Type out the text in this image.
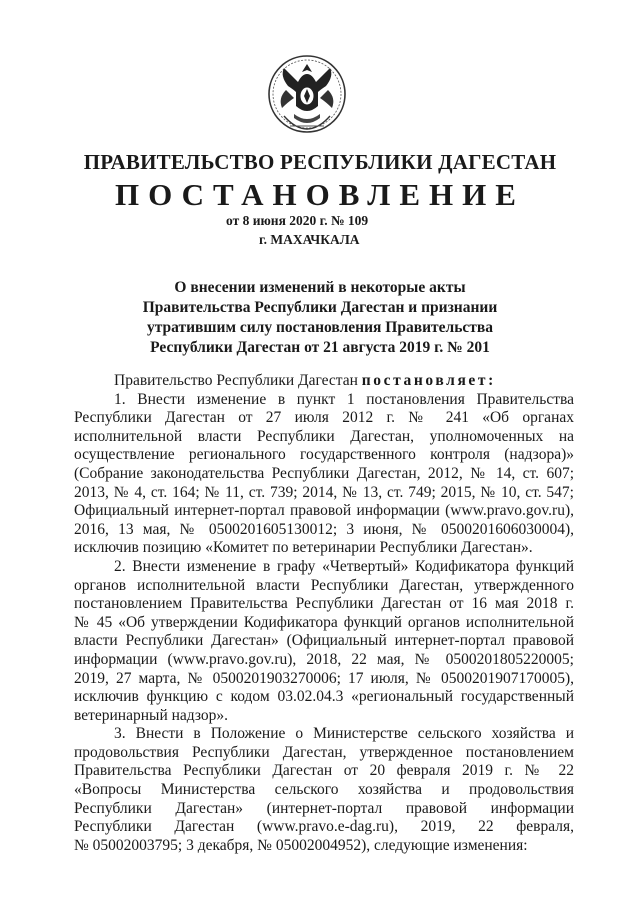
ПРАВИТЕЛЬСТВО РЕСПУБЛИКИ ДАГЕСТАН
ПОСТАНОВЛЕНИЕ
от 8 июня 2020 г. № 109
г. МАХАЧКАЛА
О внесении изменений в некоторые акты
Правительства Республики Дагестан и признании
утратившим силу постановления Правительства
Республики Дагестан от 21 августа 2019 г. № 201
Правительство Республики Дагестан постановляет:
1. Внести изменение в пункт 1 постановления Правительства
Республики Дагестан от 27 июля 2012 г. № 241 «Об органах
исполнительной власти Республики Дагестан, уполномоченных на
осуществление регионального государственного контроля (надзора)»
(Собрание законодательства Республики Дагестан, 2012, № 14, ст. 607;
2013, № 4, ст. 164; № 11, ст. 739; 2014, № 13, ст. 749; 2015, № 10, ст. 547;
Официальный интернет-портал правовой информации (www.pravo.gov.ru),
2016, 13 мая, № 0500201605130012; 3 июня, № 0500201606030004),
исключив позицию «Комитет по ветеринарии Республики Дагестан».
2. Внести изменение в графу «Четвертый» Кодификатора функций
органов исполнительной власти Республики Дагестан, утвержденного
постановлением Правительства Республики Дагестан от 16 мая 2018 г.
№ 45 «Об утверждении Кодификатора функций органов исполнительной
власти Республики Дагестан» (Официальный интернет-портал правовой
информации (www.pravo.gov.ru), 2018, 22 мая, № 0500201805220005;
2019, 27 марта, № 0500201903270006; 17 июля, № 0500201907170005),
исключив функцию с кодом 03.02.04.3 «региональный государственный
ветеринарный надзор».
3. Внести в Положение о Министерстве сельского хозяйства и
продовольствия Республики Дагестан, утвержденное постановлением
Правительства Республики Дагестан от 20 февраля 2019 г. № 22
«Вопросы Министерства сельского хозяйства и продовольствия
Республики Дагестан» (интернет-портал правовой информации
Республики Дагестан (www.pravo.e-dag.ru), 2019, 22 февраля,
№ 05002003795; 3 декабря, № 05002004952), следующие изменения:
